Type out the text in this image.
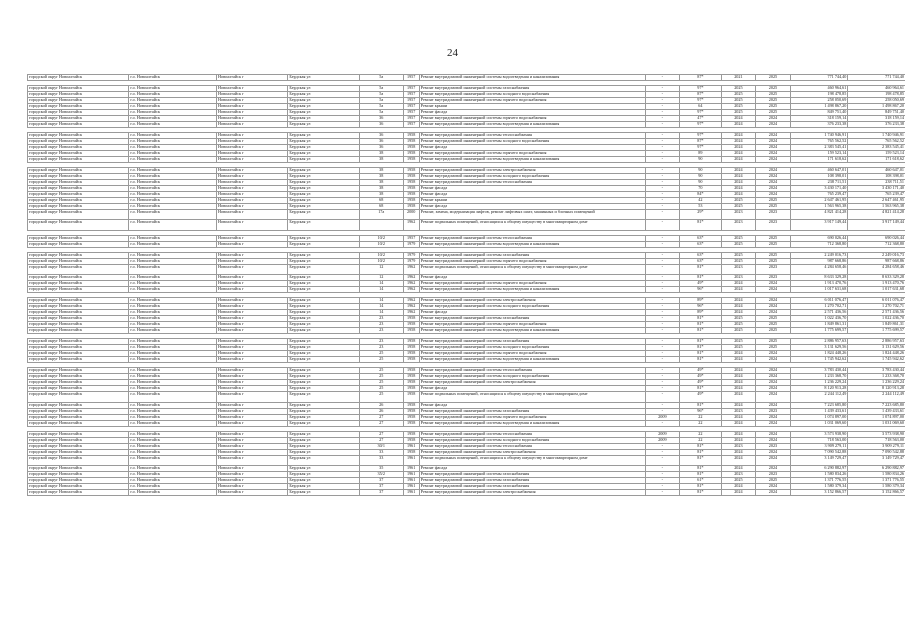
24
городской округ Новоалтайск	г.о. Новоалтайск	Новоалтайск г	Бердская ул	5а	1957	Ремонт внутридомовой инженерной системы водоотведения и канализования	-	87*	2021	2025	771 744,40	771 744,40

городской округ Новоалтайск	г.о. Новоалтайск	Новоалтайск г	Бердская ул	5а	1957	Ремонт внутридомовой инженерной системы газоснабжения	-	97*	2025	2025	460 964,61	460 964,61
городской округ Новоалтайск	г.о. Новоалтайск	Новоалтайск г	Бердская ул	5а	1957	Ремонт внутридомовой инженерной системы холодного водоснабжения	-	87*	2025	2025	198 478,85	198 478,85
городской округ Новоалтайск	г.о. Новоалтайск	Новоалтайск г	Бердская ул	5а	1957	Ремонт внутридомовой инженерной системы горячего водоснабжения	-	97*	2025	2025	258 050,69	258 050,69
городской округ Новоалтайск	г.о. Новоалтайск	Новоалтайск г	Бердская ул	5а	1957	Ремонт крыши	-	64	2025	2025	1 498 867,20	1 498 867,20
городской округ Новоалтайск	г.о. Новоалтайск	Новоалтайск г	Бердская ул	5а	1957	Ремонт фасада	-	97*	2025	2025	849 751,40	849 751,40
городской округ Новоалтайск	г.о. Новоалтайск	Новоалтайск г	Бердская ул	36	1957	Ремонт внутридомовой инженерной системы горячего водоснабжения	-	47*	2024	2024	318 159,14	318 159,14
городской округ Новоалтайск	г.о. Новоалтайск	Новоалтайск г	Бердская ул	36	1957	Ремонт внутридомовой инженерной системы водоотведения и канализования	-	97*	2024	2024	376 233,38	376 233,38

городской округ Новоалтайск	г.о. Новоалтайск	Новоалтайск г	Бердская ул	36	1958	Ремонт внутридомовой инженерной системы теплоснабжения	-	97*	2024	2024	1 740 946,91	1 740 946,91
городской округ Новоалтайск	г.о. Новоалтайск	Новоалтайск г	Бердская ул	36	1958	Ремонт внутридомовой инженерной системы холодного водоснабжения	-	87*	2024	2024	765 562,52	765 562,52
городской округ Новоалтайск	г.о. Новоалтайск	Новоалтайск г	Бердская ул	36	1958	Ремонт фасада	-	97*	2024	2024	2 383 545,41	2 383 545,41
городской округ Новоалтайск	г.о. Новоалтайск	Новоалтайск г	Бердская ул	38	1958	Ремонт внутридомовой инженерной системы горячего водоснабжения	-	89	2024	2024	159 523,14	159 523,14
городской округ Новоалтайск	г.о. Новоалтайск	Новоалтайск г	Бердская ул	38	1958	Ремонт внутридомовой инженерной системы водоотведения и канализования	-	90	2024	2024	171 618,62	171 618,62

городской округ Новоалтайск	г.о. Новоалтайск	Новоалтайск г	Бердская ул	38	1958	Ремонт внутридомовой инженерной системы электроснабжения	-	90	2024	2024	460 647,01	460 647,01
городской округ Новоалтайск	г.о. Новоалтайск	Новоалтайск г	Бердская ул	38	1958	Ремонт внутридомовой инженерной системы холодного водоснабжения	-	90	2024	2024	108 398,01	108 398,01
городской округ Новоалтайск	г.о. Новоалтайск	Новоалтайск г	Бердская ул	38	1958	Ремонт внутридомовой инженерной системы теплоснабжения	-	90	2024	2024	238 711,51	238 711,51
городской округ Новоалтайск	г.о. Новоалтайск	Новоалтайск г	Бердская ул	38	1958	Ремонт фасада	-	70	2024	2024	3 430 171,40	3 430 171,40
городской округ Новоалтайск	г.о. Новоалтайск	Новоалтайск г	Бердская ул	38	1958	Ремонт фасада	-	84*	2024	2024	765 239,47	765 239,47
городской округ Новоалтайск	г.о. Новоалтайск	Новоалтайск г	Бердская ул	68	1958	Ремонт крыши	-	42	2025	2025	2 647 461,95	2 647 461,95
городской округ Новоалтайск	г.о. Новоалтайск	Новоалтайск г	Бердская ул	68	1958	Ремонт фасада	-	53	2025	2025	1 563 965,38	1 563 965,38
городской округ Новоалтайск	г.о. Новоалтайск	Новоалтайск г	Бердская ул	17а	2000	Ремонт, замена, модернизация лифтов, ремонт лифтовых шахт, машинных и блочных помещений	-	29*	2023	2023	4 821 414,28	4 821 414,28
городской округ Новоалтайск	г.о. Новоалтайск	Новоалтайск г	Бердская ул		1962	Ремонт подвальных помещений, относящихся к общему имуществу в многоквартирном доме	-	81*	2023	2023	3 917 149,44	3 917 149,44

городской округ Новоалтайск	г.о. Новоалтайск	Новоалтайск г	Бердская ул	10/2	1957	Ремонт внутридомовой инженерной системы теплоснабжения	-	63*	2025	2025	690 026,44	690 026,44
городской округ Новоалтайск	г.о. Новоалтайск	Новоалтайск г	Бердская ул	10/2	1979	Ремонт внутридомовой инженерной системы водоотведения и канализования	-	63*	2025	2025	712 368,80	712 368,80

городской округ Новоалтайск	г.о. Новоалтайск	Новоалтайск г	Бердская ул	10/2	1979	Ремонт внутридомовой инженерной системы газоснабжения	-	63*	2025	2025	2 249 016,73	2 249 016,73
городской округ Новоалтайск	г.о. Новоалтайск	Новоалтайск г	Бердская ул	10/2	1979	Ремонт внутридомовой инженерной системы горячего водоснабжения	-	63*	2025	2025	987 668,86	987 668,86
городской округ Новоалтайск	г.о. Новоалтайск	Новоалтайск г	Бердская ул	12	1962	Ремонт подвальных помещений, относящихся к общему имуществу в многоквартирном доме	-	81*	2023	2023	4 284 658,46	4 284 658,46
городской округ Новоалтайск	г.о. Новоалтайск	Новоалтайск г	Бердская ул	12	1962	Ремонт фасада	-	81*	2023	2023	8 633 329,28	8 633 329,28
городской округ Новоалтайск	г.о. Новоалтайск	Новоалтайск г	Бердская ул	14	1962	Ремонт внутридомовой инженерной системы горячего водоснабжения	-	49*	2024	2024	1 913 470,76	1 913 470,76
городской округ Новоалтайск	г.о. Новоалтайск	Новоалтайск г	Бердская ул	14	1962	Ремонт внутридомовой инженерной системы водоотведения и канализования	-	96*	2024	2024	1 017 631,68	1 017 631,68

городской округ Новоалтайск	г.о. Новоалтайск	Новоалтайск г	Бердская ул	14	1962	Ремонт внутридомовой инженерной системы электроснабжения	-	89*	2024	2024	6 011 076,47	6 011 076,47
городской округ Новоалтайск	г.о. Новоалтайск	Новоалтайск г	Бердская ул	14	1962	Ремонт внутридомовой инженерной системы холодного водоснабжения	-	96*	2024	2024	1 270 702,71	1 270 702,71
городской округ Новоалтайск	г.о. Новоалтайск	Новоалтайск г	Бердская ул	14	1962	Ремонт фасада	-	89*	2024	2024	2 571 436,56	2 571 436,56
городской округ Новоалтайск	г.о. Новоалтайск	Новоалтайск г	Бердская ул	23	1958	Ремонт внутридомовой инженерной системы газоснабжения	-	81*	2025	2025	1 022 436,70	1 022 436,70
городской округ Новоалтайск	г.о. Новоалтайск	Новоалтайск г	Бердская ул	23	1958	Ремонт внутридомовой инженерной системы горячего водоснабжения	-	81*	2025	2025	1 849 861,31	1 849 861,31
городской округ Новоалтайск	г.о. Новоалтайск	Новоалтайск г	Бердская ул	23	1958	Ремонт внутридомовой инженерной системы водоотведения и канализования	-	81*	2025	2025	1 775 699,57	1 775 699,57

городской округ Новоалтайск	г.о. Новоалтайск	Новоалтайск г	Бердская ул	23	1958	Ремонт внутридомовой инженерной системы газоснабжения	-	81*	2025	2025	2 886 957,63	2 886 957,63
городской округ Новоалтайск	г.о. Новоалтайск	Новоалтайск г	Бердская ул	23	1958	Ремонт внутридомовой инженерной системы холодного водоснабжения	-	81*	2025	2025	3 131 629,56	3 131 629,56
городской округ Новоалтайск	г.о. Новоалтайск	Новоалтайск г	Бердская ул	25	1958	Ремонт внутридомовой инженерной системы горячего водоснабжения	-	81*	2024	2024	1 824 448,26	1 824 448,26
городской округ Новоалтайск	г.о. Новоалтайск	Новоалтайск г	Бердская ул	25	1958	Ремонт внутридомовой инженерной системы водоотведения и канализования	-	81*	2024	2024	1 745 942,62	1 745 942,62

городской округ Новоалтайск	г.о. Новоалтайск	Новоалтайск г	Бердская ул	25	1958	Ремонт внутридомовой инженерной системы теплоснабжения	-	49*	2024	2024	3 783 430,44	3 783 430,44
городской округ Новоалтайск	г.о. Новоалтайск	Новоалтайск г	Бердская ул	25	1958	Ремонт внутридомовой инженерной системы холодного водоснабжения	-	49*	2024	2024	1 233 368,70	1 233 368,70
городской округ Новоалтайск	г.о. Новоалтайск	Новоалтайск г	Бердская ул	25	1958	Ремонт внутридомовой инженерной системы электроснабжения	-	49*	2024	2024	1 236 229,24	1 236 229,24
городской округ Новоалтайск	г.о. Новоалтайск	Новоалтайск г	Бердская ул	25	1958	Ремонт фасада	-	81*	2024	2024	8 120 913,28	8 120 913,28
городской округ Новоалтайск	г.о. Новоалтайск	Новоалтайск г	Бердская ул	25	1958	Ремонт подвальных помещений, относящихся к общему имуществу в многоквартирном доме	-	49*	2024	2024	2 244 112,49	2 244 112,49
городской округ Новоалтайск	г.о. Новоалтайск	Новоалтайск г	Бердская ул	26	1958	Ремонт фасада	-	81*	2024	2024	7 223 685,80	7 223 685,80
городской округ Новоалтайск	г.о. Новоалтайск	Новоалтайск г	Бердская ул	26	1958	Ремонт внутридомовой инженерной системы газоснабжения	-	96*	2023	2023	1 439 433,61	1 439 433,61
городской округ Новоалтайск	г.о. Новоалтайск	Новоалтайск г	Бердская ул	27	1958	Ремонт внутридомовой инженерной системы горячего водоснабжения	2009	22	2024	2024	1 074 897,00	1 074 897,00
городской округ Новоалтайск	г.о. Новоалтайск	Новоалтайск г	Бердская ул	27	1958	Ремонт внутридомовой инженерной системы водоотведения и канализования	-	22	2024	2024	1 031 069,60	1 031 069,60

городской округ Новоалтайск	г.о. Новоалтайск	Новоалтайск г	Бердская ул	27	1958	Ремонт внутридомовой инженерной системы теплоснабжения	2009	22	2024	2024	3 573 938,90	3 573 938,90
городской округ Новоалтайск	г.о. Новоалтайск	Новоалтайск г	Бердская ул	27	1958	Ремонт внутридомовой инженерной системы холодного водоснабжения	2009	22	2024	2024	718 563,00	718 563,00
городской округ Новоалтайск	г.о. Новоалтайск	Новоалтайск г	Бердская ул	30/1	1961	Ремонт внутридомовой инженерной системы теплоснабжения	-	81*	2023	2023	3 909 279,11	3 909 279,11
городской округ Новоалтайск	г.о. Новоалтайск	Новоалтайск г	Бердская ул	33	1958	Ремонт внутридомовой инженерной системы электроснабжения	-	81*	2024	2024	7 090 542,88	7 090 542,88
городской округ Новоалтайск	г.о. Новоалтайск	Новоалтайск г	Бердская ул	33	1961	Ремонт подвальных помещений, относящихся к общему имуществу в многоквартирном доме	-	81*	2024	2024	3 149 729,47	3 149 729,47
городской округ Новоалтайск	г.о. Новоалтайск	Новоалтайск г	Бердская ул	35	1961	Ремонт фасада	-	81*	2024	2024	6 290 882,97	6 290 882,97
городской округ Новоалтайск	г.о. Новоалтайск	Новоалтайск г	Бердская ул	35/2	1961	Ремонт внутридомовой инженерной системы газоснабжения	-	81*	2023	2023	1 580 834,26	1 580 834,26
городской округ Новоалтайск	г.о. Новоалтайск	Новоалтайск г	Бердская ул	37	1961	Ремонт внутридомовой инженерной системы газоснабжения	-	61*	2025	2025	1 371 776,55	1 371 776,55
городской округ Новоалтайск	г.о. Новоалтайск	Новоалтайск г	Бердская ул	37	1961	Ремонт внутридомовой инженерной системы газоснабжения	-	81*	2024	2024	1 580 379,34	1 580 379,34
городской округ Новоалтайск	г.о. Новоалтайск	Новоалтайск г	Бердская ул	37	1961	Ремонт внутридомовой инженерной системы электроснабжения	-	81*	2024	2024	3 152 866,57	3 152 866,57
